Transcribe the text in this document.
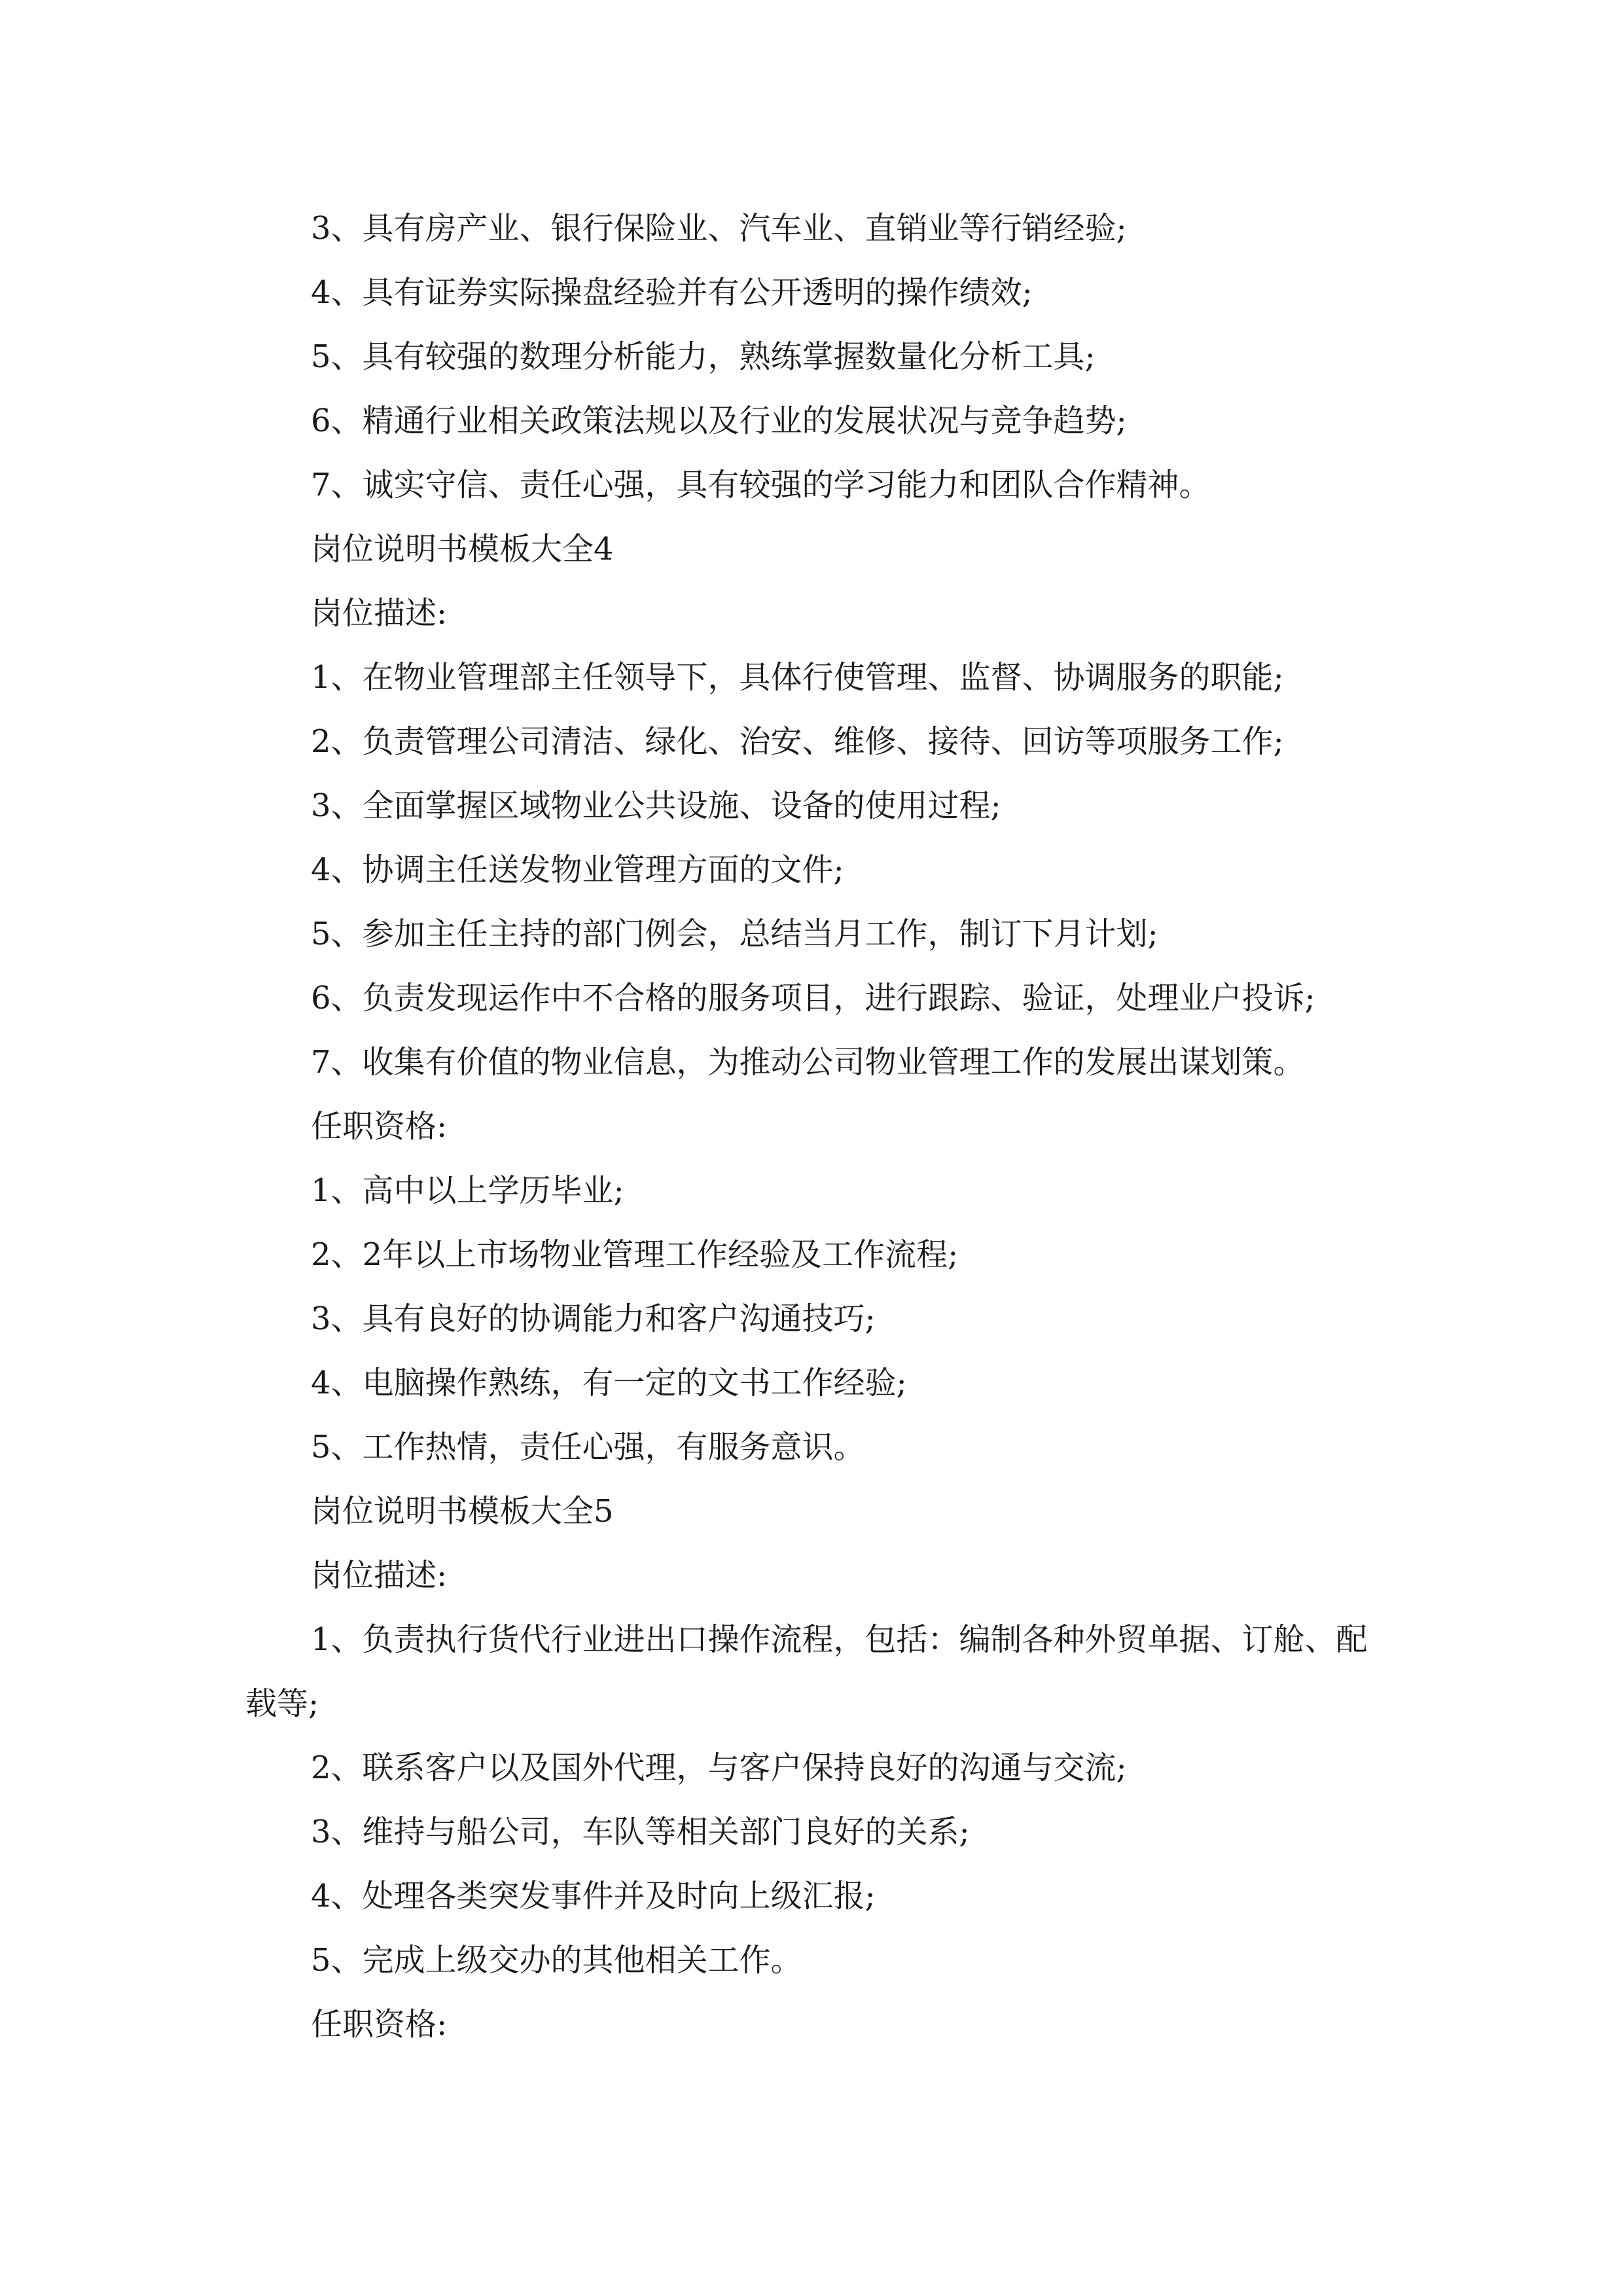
3、具有房产业、银行保险业、汽车业、直销业等行销经验;

4、具有证券实际操盘经验并有公开透明的操作绩效;

5、具有较强的数理分析能力，熟练掌握数量化分析工具;

6、精通行业相关政策法规以及行业的发展状况与竞争趋势;

7、诚实守信、责任心强，具有较强的学习能力和团队合作精神。

岗位说明书模板大全4

岗位描述:

1、在物业管理部主任领导下，具体行使管理、监督、协调服务的职能;

2、负责管理公司清洁、绿化、治安、维修、接待、回访等项服务工作;

3、全面掌握区域物业公共设施、设备的使用过程;

4、协调主任送发物业管理方面的文件;

5、参加主任主持的部门例会，总结当月工作，制订下月计划;

6、负责发现运作中不合格的服务项目，进行跟踪、验证，处理业户投诉;

7、收集有价值的物业信息，为推动公司物业管理工作的发展出谋划策。

任职资格:

1、高中以上学历毕业;

2、2年以上市场物业管理工作经验及工作流程;

3、具有良好的协调能力和客户沟通技巧;

4、电脑操作熟练，有一定的文书工作经验;

5、工作热情，责任心强，有服务意识。

岗位说明书模板大全5

岗位描述:

1、负责执行货代行业进出口操作流程，包括：编制各种外贸单据、订舱、配载等;

2、联系客户以及国外代理，与客户保持良好的沟通与交流;

3、维持与船公司，车队等相关部门良好的关系;

4、处理各类突发事件并及时向上级汇报;

5、完成上级交办的其他相关工作。

任职资格:
